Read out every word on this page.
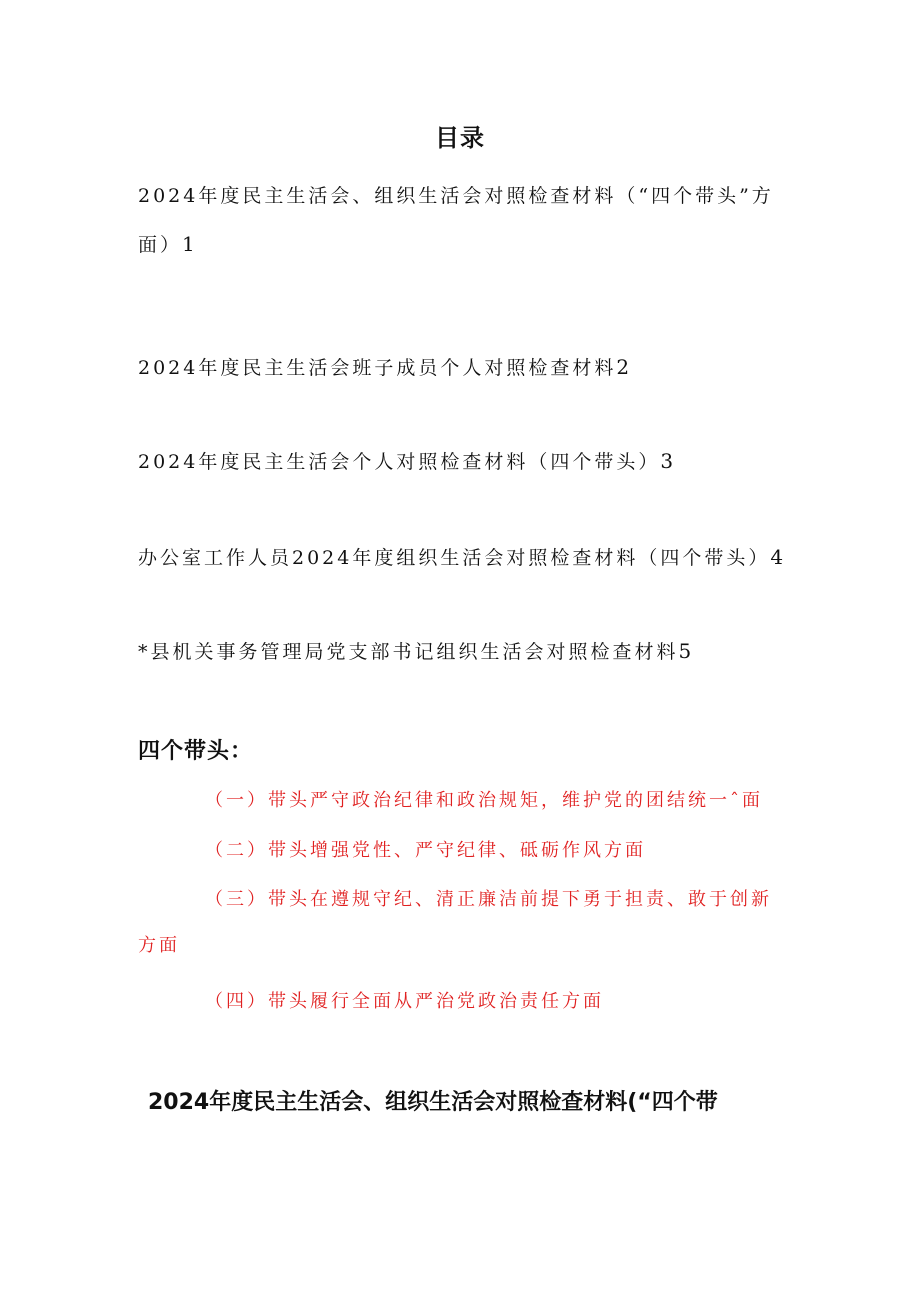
目录
2024年度民主生活会、组织生活会对照检查材料（“四个带头”方面）1
2024年度民主生活会班子成员个人对照检查材料2
2024年度民主生活会个人对照检查材料（四个带头）3
办公室工作人员2024年度组织生活会对照检查材料（四个带头）4
*县机关事务管理局党支部书记组织生活会对照检查材料5
四个带头：
（一）带头严守政治纪律和政治规矩，维护党的团结统一ˆ面
（二）带头增强党性、严守纪律、砥砺作风方面
（三）带头在遵规守纪、清正廉洁前提下勇于担责、敢于创新方面
（四）带头履行全面从严治党政治责任方面
2024年度民主生活会、组织生活会对照检查材料(“四个带
